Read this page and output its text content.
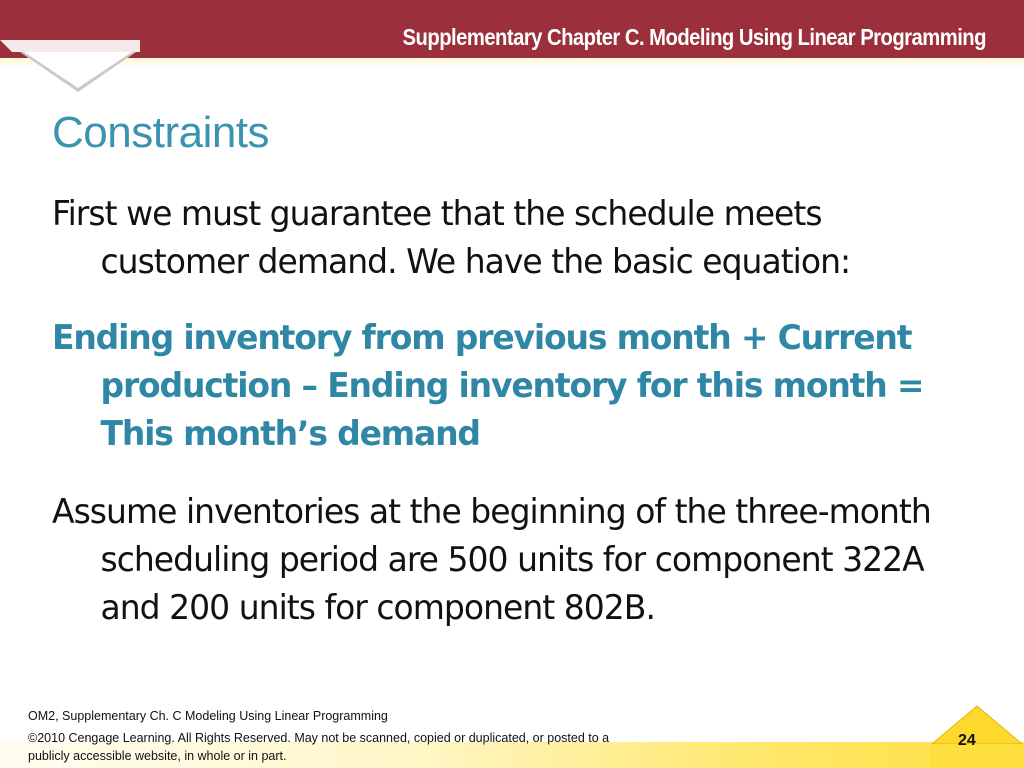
Supplementary Chapter C. Modeling Using Linear Programming
Constraints
First we must guarantee that the schedule meets customer demand. We have the basic equation:
Ending inventory from previous month + Current production – Ending inventory for this month = This month’s demand
Assume inventories at the beginning of the three-month scheduling period are 500 units for component 322A and 200 units for component 802B.
OM2, Supplementary Ch. C Modeling Using Linear Programming
©2010 Cengage Learning. All Rights Reserved. May not be scanned, copied or duplicated, or posted to a publicly accessible website, in whole or in part.
24
